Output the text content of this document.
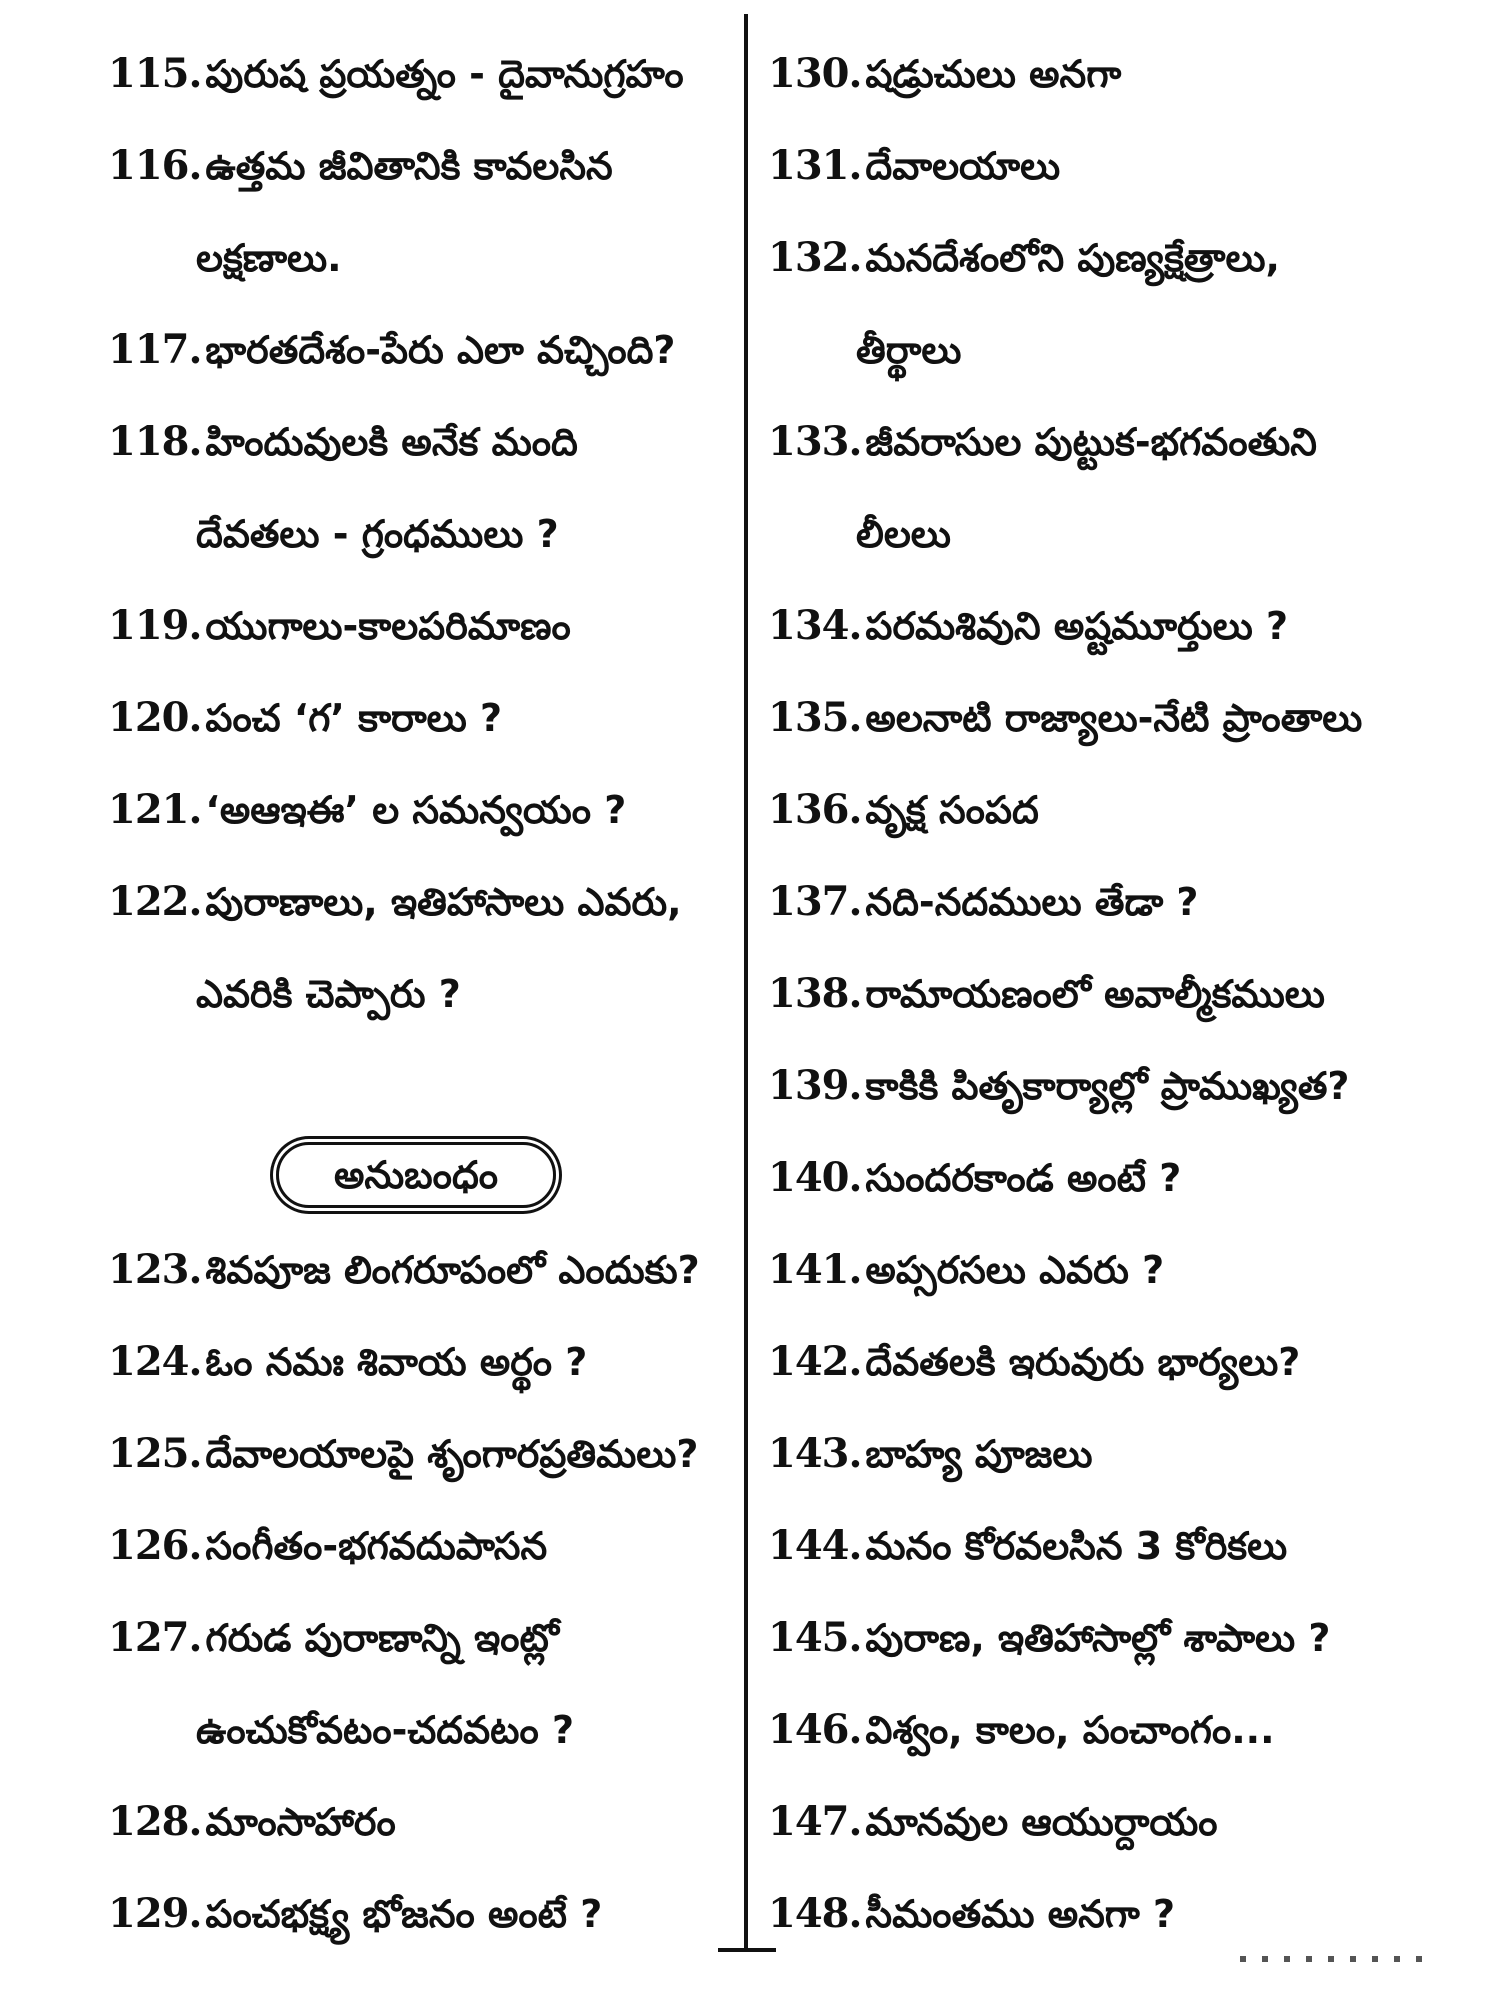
115. పురుష ప్రయత్నం - దైవానుగ్రహం
116. ఉత్తమ జీవితానికి కావలసిన
లక్షణాలు.
117. భారతదేశం-పేరు ఎలా వచ్చింది?
118. హిందువులకి అనేక మంది
దేవతలు - గ్రంధములు ?
119. యుగాలు-కాలపరిమాణం
120. పంచ ‘గ’ కారాలు ?
121. ‘అఆఇఈ’ ల సమన్వయం ?
122. పురాణాలు, ఇతిహాసాలు ఎవరు,
ఎవరికి చెప్పారు ?
అనుబంధం
123. శివపూజ లింగరూపంలో ఎందుకు?
124. ఓం నమః శివాయ అర్థం ?
125. దేవాలయాలపై శృంగారప్రతిమలు?
126. సంగీతం-భగవదుపాసన
127. గరుడ పురాణాన్ని ఇంట్లో
ఉంచుకోవటం-చదవటం ?
128. మాంసాహారం
129. పంచభక్ష్య భోజనం అంటే ?
130. షడ్రుచులు అనగా
131. దేవాలయాలు
132. మనదేశంలోని పుణ్యక్షేత్రాలు,
తీర్థాలు
133. జీవరాసుల పుట్టుక-భగవంతుని
లీలలు
134. పరమశివుని అష్టమూర్తులు ?
135. అలనాటి రాజ్యాలు-నేటి ప్రాంతాలు
136. వృక్ష సంపద
137. నది-నదములు తేడా ?
138. రామాయణంలో అవాల్మీకములు
139. కాకికి పితృకార్యాల్లో ప్రాముఖ్యత?
140. సుందరకాండ అంటే ?
141. అప్సరసలు ఎవరు ?
142. దేవతలకి ఇరువురు భార్యలు?
143. బాహ్య పూజలు
144. మనం కోరవలసిన 3 కోరికలు
145. పురాణ, ఇతిహాసాల్లో శాపాలు ?
146. విశ్వం, కాలం, పంచాంగం...
147. మానవుల ఆయుర్దాయం
148. సీమంతము అనగా ?
